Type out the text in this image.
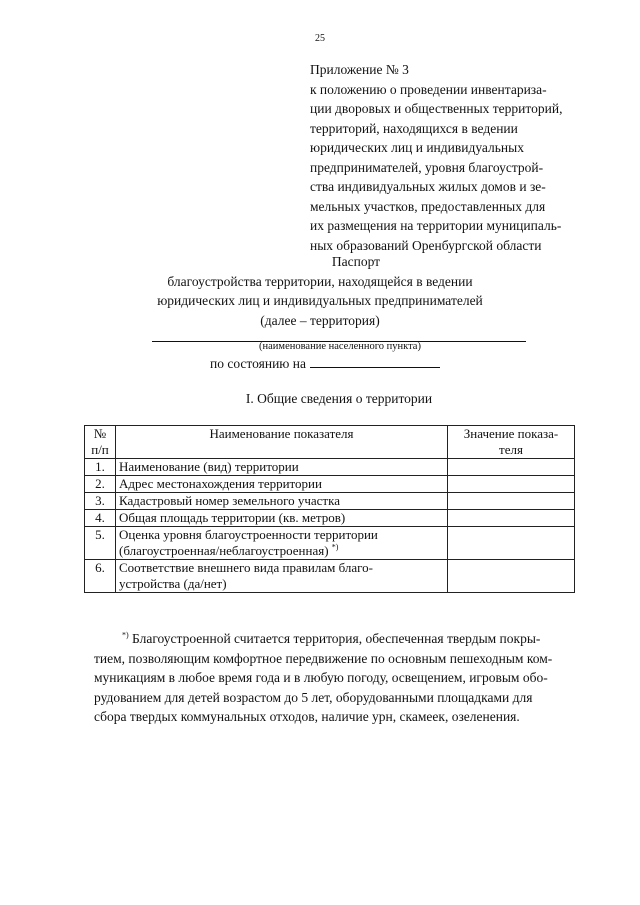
25
Приложение № 3
к положению о проведении инвентариза-
ции дворовых и общественных территорий,
территорий, находящихся в ведении
юридических лиц и индивидуальных
предпринимателей, уровня благоустрой-
ства индивидуальных жилых домов и зе-
мельных участков, предоставленных для
их размещения на территории муниципаль-
ных образований Оренбургской области
Паспорт
благоустройства территории, находящейся в ведении
юридических лиц и индивидуальных предпринимателей
(далее – территория)
(наименование населенного пункта)
по состоянию на
I. Общие сведения о территории
№
п/п	Наименование показателя	Значение показа-
теля
1.	Наименование (вид) территории	
2.	Адрес местонахождения территории	
3.	Кадастровый номер земельного участка	
4.	Общая площадь территории (кв. метров)	
5.	Оценка уровня благоустроенности территории
(благоустроенная/неблагоустроенная) *)	
6.	Соответствие внешнего вида правилам благо-
устройства (да/нет)	
*) Благоустроенной считается территория, обеспеченная твердым покры-
тием, позволяющим комфортное передвижение по основным пешеходным ком-
муникациям в любое время года и в любую погоду, освещением, игровым обо-
рудованием для детей возрастом до 5 лет, оборудованными площадками для
сбора твердых коммунальных отходов, наличие урн, скамеек, озеленения.
